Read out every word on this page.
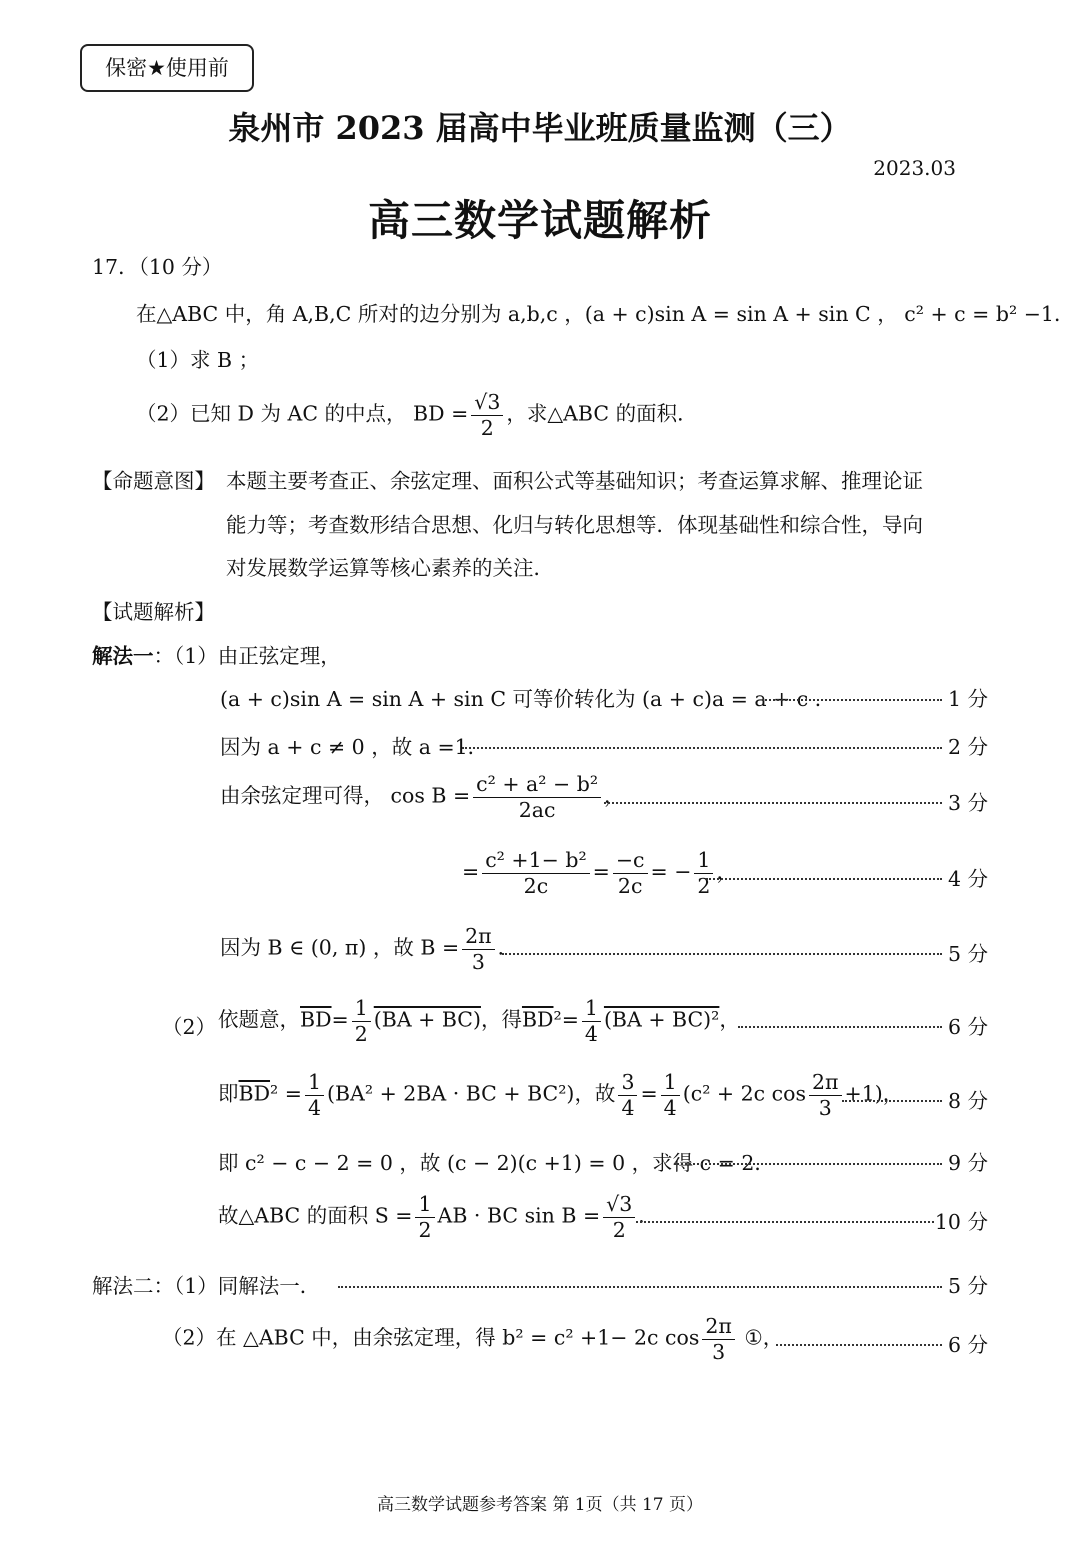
保密★使用前
泉州市 2023 届高中毕业班质量监测（三）
2023.03
高三数学试题解析
17．（10 分）
在△ABC 中，角 A,B,C 所对的边分别为 a,b,c ，(a + c)sin A = sin A + sin C ， c² + c = b² −1．
（1）求 B ；
（2）已知 D 为 AC 的中点， BD = $\frac{√3}{2}$ ，求△ABC 的面积．
【命题意图】 本题主要考查正、余弦定理、面积公式等基础知识；考查运算求解、推理论证
能力等；考查数形结合思想、化归与转化思想等．体现基础性和综合性，导向
对发展数学运算等核心素养的关注．
【试题解析】
解法一：（1）由正弦定理，
(a + c)sin A = sin A + sin C 可等价转化为 (a + c)a = a + c ．	1 分
因为 a + c ≠ 0 ，故 a =1．	2 分
由余弦定理可得， $\cos B = \frac{\text{c² + a² − b²}}{2ac}$ ，	3 分
= $\frac{\text{c² +1− b²}}{2c} = \frac{-c}{2c}$ = − $\frac{1}{2}$ ，	4 分
因为 B ∈ (0, π) ，故 $B = \frac{2\pi}{3}$ ．	5 分
（2） 依题意，$\overline{BD}= \frac{1}{2} (BA + BC)$，得$\overline{BD}^2= \frac{1}{4} (BA + BC)^2$，	6 分
即$\overline{BD}^2 = \frac{1}{4} (BA^2 + 2BA$ · BC + BC²)，故 $\frac{3}{4} = \frac{1}{4} (c^2 + 2c$ $\cos \frac{2\pi}{3} +1$)， 8 分
即 c² − c − 2 = 0 ，故 (c − 2)(c +1) = 0 ，求得 c = 2．	9 分
故△ABC 的面积 $S = \frac{1}{2}$ AB · BC $\sin B = \frac{√3}{2}$ ．	10 分
解法二：（1）同解法一．	5 分
（2）在 △ABC 中，由余弦定理，得 b² = c² +1− 2c $\cos \frac{2\pi}{3}$ ①，	6 分
高三数学试题参考答案 第 1页（共 17 页）
